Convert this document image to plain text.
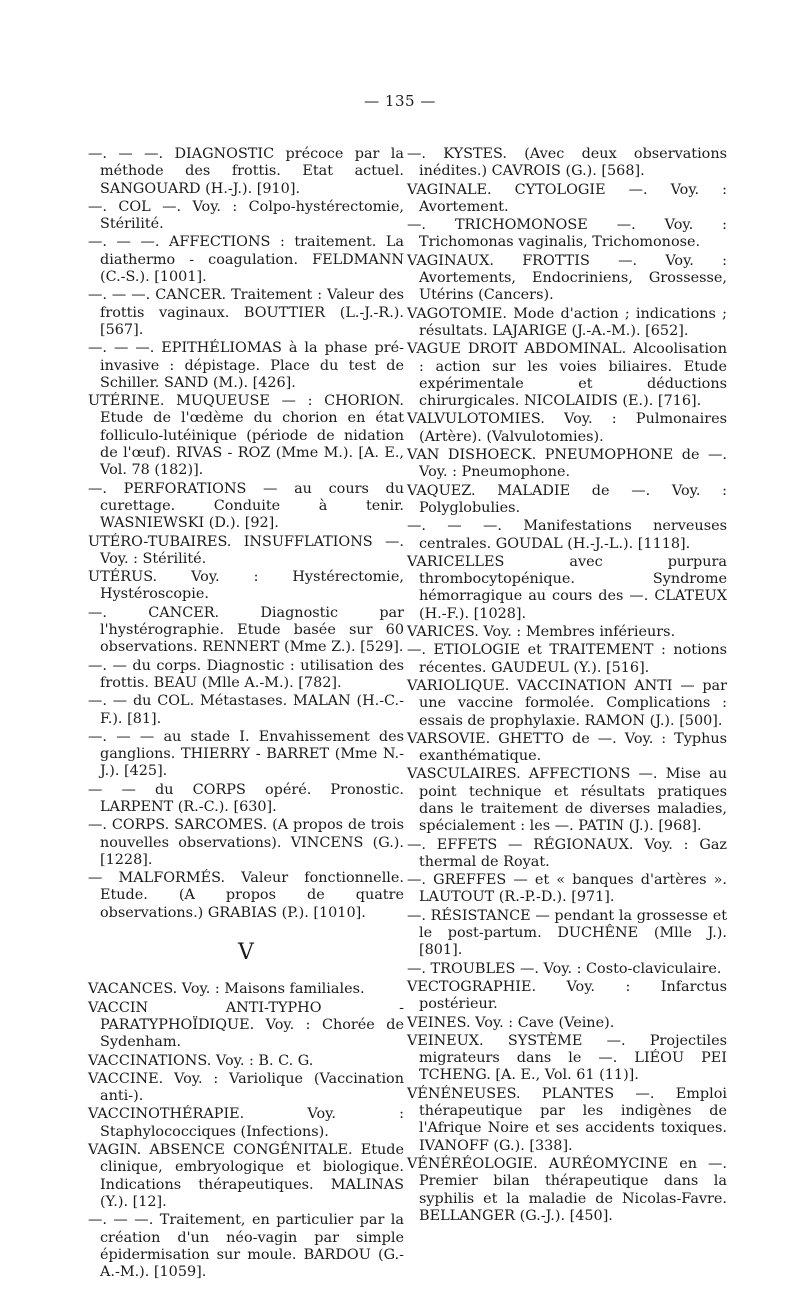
— 135 —

—. — —. DIAGNOSTIC précoce par la méthode des frottis. Etat actuel. SANGOUARD (H.-J.). [910].

—. COL —. Voy. : Colpo-hystérectomie, Stérilité.

—. — —. AFFECTIONS : traitement. La diathermo - coagulation. FELDMANN (C.-S.). [1001].

—. — —. CANCER. Traitement : Valeur des frottis vaginaux. BOUTTIER (L.-J.-R.). [567].

—. — —. EPITHÉLIOMAS à la phase pré-invasive : dépistage. Place du test de Schiller. SAND (M.). [426].

UTÉRINE. MUQUEUSE — : CHORION. Etude de l'œdème du chorion en état folliculo-lutéinique (période de nidation de l'œuf). RIVAS - ROZ (Mme M.). [A. E., Vol. 78 (182)].

—. PERFORATIONS — au cours du curettage. Conduite à tenir. WASNIEWSKI (D.). [92].

UTÉRO-TUBAIRES. INSUFFLATIONS —. Voy. : Stérilité.

UTÉRUS. Voy. : Hystérectomie, Hystéroscopie.

—. CANCER. Diagnostic par l'hystérographie. Etude basée sur 60 observations. RENNERT (Mme Z.). [529].

—. — du corps. Diagnostic : utilisation des frottis. BEAU (Mlle A.-M.). [782].

—. — du COL. Métastases. MALAN (H.-C.-F.). [81].

—. — — au stade I. Envahissement des ganglions. THIERRY - BARRET (Mme N.-J.). [425].

— — du CORPS opéré. Pronostic. LARPENT (R.-C.). [630].

—. CORPS. SARCOMES. (A propos de trois nouvelles observations). VINCENS (G.). [1228].

— MALFORMÉS. Valeur fonctionnelle. Etude. (A propos de quatre observations.) GRABIAS (P.). [1010].

V

VACANCES. Voy. : Maisons familiales.

VACCIN ANTI-TYPHO - PARATYPHOÏDIQUE. Voy. : Chorée de Sydenham.

VACCINATIONS. Voy. : B. C. G.

VACCINE. Voy. : Variolique (Vaccination anti-).

VACCINOTHÉRAPIE. Voy. : Staphylococciques (Infections).

VAGIN. ABSENCE CONGÉNITALE. Etude clinique, embryologique et biologique. Indications thérapeutiques. MALINAS (Y.). [12].

—. — —. Traitement, en particulier par la création d'un néo-vagin par simple épidermisation sur moule. BARDOU (G.-A.-M.). [1059].

—. KYSTES. (Avec deux observations inédites.) CAVROIS (G.). [568].

VAGINALE. CYTOLOGIE —. Voy. : Avortement.

—. TRICHOMONOSE —. Voy. : Trichomonas vaginalis, Trichomonose.

VAGINAUX. FROTTIS —. Voy. : Avortements, Endocriniens, Grossesse, Utérins (Cancers).

VAGOTOMIE. Mode d'action ; indications ; résultats. LAJARIGE (J.-A.-M.). [652].

VAGUE DROIT ABDOMINAL. Alcoolisation : action sur les voies biliaires. Etude expérimentale et déductions chirurgicales. NICOLAIDIS (E.). [716].

VALVULOTOMIES. Voy. : Pulmonaires (Artère). (Valvulotomies).

VAN DISHOECK. PNEUMOPHONE de —. Voy. : Pneumophone.

VAQUEZ. MALADIE de —. Voy. : Polyglobulies.

—. — —. Manifestations nerveuses centrales. GOUDAL (H.-J.-L.). [1118].

VARICELLES avec purpura thrombocytopénique. Syndrome hémorragique au cours des —. CLATEUX (H.-F.). [1028].

VARICES. Voy. : Membres inférieurs.

—. ETIOLOGIE et TRAITEMENT : notions récentes. GAUDEUL (Y.). [516].

VARIOLIQUE. VACCINATION ANTI — par une vaccine formolée. Complications : essais de prophylaxie. RAMON (J.). [500].

VARSOVIE. GHETTO de —. Voy. : Typhus exanthématique.

VASCULAIRES. AFFECTIONS —. Mise au point technique et résultats pratiques dans le traitement de diverses maladies, spécialement : les —. PATIN (J.). [968].

—. EFFETS — RÉGIONAUX. Voy. : Gaz thermal de Royat.

—. GREFFES — et « banques d'artères ». LAUTOUT (R.-P.-D.). [971].

—. RÉSISTANCE — pendant la grossesse et le post-partum. DUCHÊNE (Mlle J.). [801].

—. TROUBLES —. Voy. : Costo-claviculaire.

VECTOGRAPHIE. Voy. : Infarctus postérieur.

VEINES. Voy. : Cave (Veine).

VEINEUX. SYSTÈME —. Projectiles migrateurs dans le —. LIÉOU PEI TCHENG. [A. E., Vol. 61 (11)].

VÉNÉNEUSES. PLANTES —. Emploi thérapeutique par les indigènes de l'Afrique Noire et ses accidents toxiques. IVANOFF (G.). [338].

VÉNÉRÉOLOGIE. AURÉOMYCINE en —. Premier bilan thérapeutique dans la syphilis et la maladie de Nicolas-Favre. BELLANGER (G.-J.). [450].
